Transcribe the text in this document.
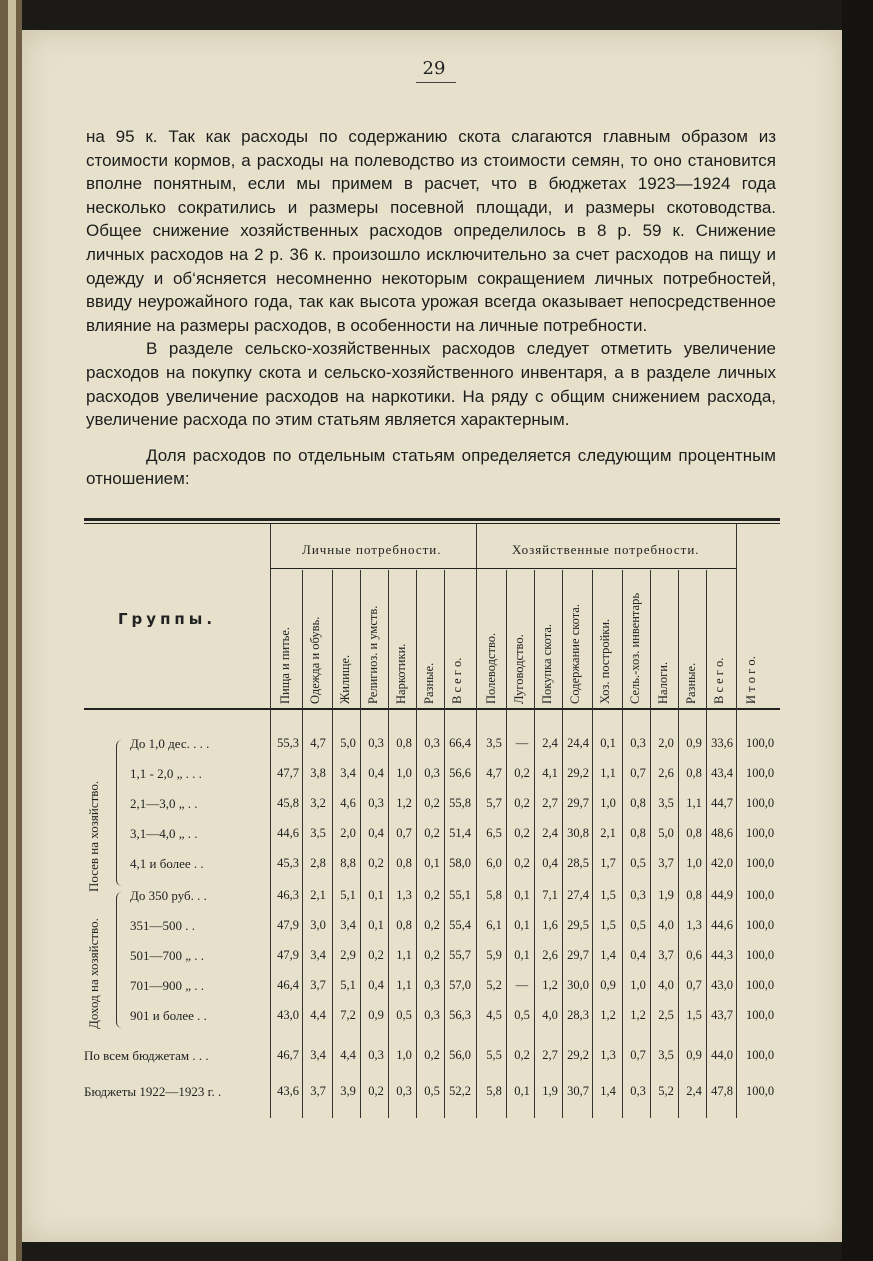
29

на 95 к. Так как расходы по содержанию скота слагаются главным образом из стоимости кормов, а расходы на полеводство из стоимости семян, то оно становится вполне понятным, если мы примем в расчет, что в бюджетах 1923—1924 года несколько сократились и размеры посевной площади, и размеры скотоводства. Общее снижение хозяйственных расходов определилось в 8 р. 59 к. Снижение личных расходов на 2 р. 36 к. произошло исключительно за счет расходов на пищу и одежду и об‘ясняется несомненно некоторым сокращением личных потребностей, ввиду неурожайного года, так как высота урожая всегда оказывает непосредственное влияние на размеры расходов, в особенности на личные потребности.

В разделе сельско-хозяйственных расходов следует отметить увеличение расходов на покупку скота и сельско-хозяйственного инвентаря, а в разделе личных расходов увеличение расходов на наркотики. На ряду с общим снижением расхода, увеличение расхода по этим статьям является характерным.

Доля расходов по отдельным статьям определяется следующим процентным отношением:

Группы.
Личные потребности.	Хозяйственные потребности.
Посев на хозяйство.
Доход на хозяйство.
Пища и питье.	Одежда и обувь.	Жилище.	Религиоз. и умств.	Наркотики.	Разные.	В с е г о.	Полеводство.	Луговодство.	Покупка скота.	Содержание скота.	Хоз. постройки.	Сель.-хоз. инвентарь	Налоги.	Разные.	В с е г о.	И т о г о.
До 1,0 дес. . . .	55,3 4,7	5,0 0,3 0,8 0,3 66,4	3,5	—	2,4 24,4 0,1	0,3 2,0 0,9 33,6	100,0
1,1 - 2,0 „ . . .	47,7 3,8	3,4 0,4 1,0 0,3 56,6	4,7 0,2 4,1 29,2 1,1	0,7 2,6 0,8 43,4	100,0
2,1—3,0 „ . .	45,8 3,2	4,6 0,3 1,2 0,2 55,8	5,7 0,2 2,7 29,7 1,0	0,8 3,5 1,1 44,7	100,0
3,1—4,0 „ . .	44,6 3,5	2,0 0,4 0,7 0,2 51,4	6,5 0,2 2,4 30,8 2,1	0,8 5,0 0,8 48,6	100,0
4,1 и более . .	45,3 2,8	8,8 0,2 0,8 0,1 58,0	6,0 0,2 0,4 28,5 1,7	0,5 3,7 1,0 42,0	100,0
До 350 руб. . .	46,3 2,1	5,1 0,1 1,3 0,2 55,1	5,8 0,1 7,1 27,4 1,5	0,3 1,9 0,8 44,9	100,0
351—500 . .	47,9 3,0	3,4 0,1 0,8 0,2 55,4	6,1 0,1 1,6 29,5 1,5	0,5 4,0 1,3 44,6	100,0
501—700 „ . .	47,9 3,4	2,9 0,2 1,1 0,2 55,7	5,9 0,1 2,6 29,7 1,4	0,4 3,7 0,6 44,3	100,0
701—900 „ . .	46,4 3,7	5,1 0,4 1,1 0,3 57,0	5,2	—	1,2 30,0 0,9	1,0 4,0 0,7 43,0	100,0
901 и более . .	43,0 4,4	7,2 0,9 0,5 0,3 56,3	4,5 0,5 4,0 28,3 1,2	1,2 2,5 1,5 43,7	100,0
По всем бюджетам . . .	46,7 3,4	4,4 0,3 1,0 0,2 56,0	5,5 0,2 2,7 29,2 1,3	0,7 3,5 0,9 44,0	100,0
Бюджеты 1922—1923 г. .	43,6 3,7	3,9 0,2 0,3 0,5 52,2	5,8 0,1 1,9 30,7 1,4	0,3 5,2 2,4 47,8	100,0
